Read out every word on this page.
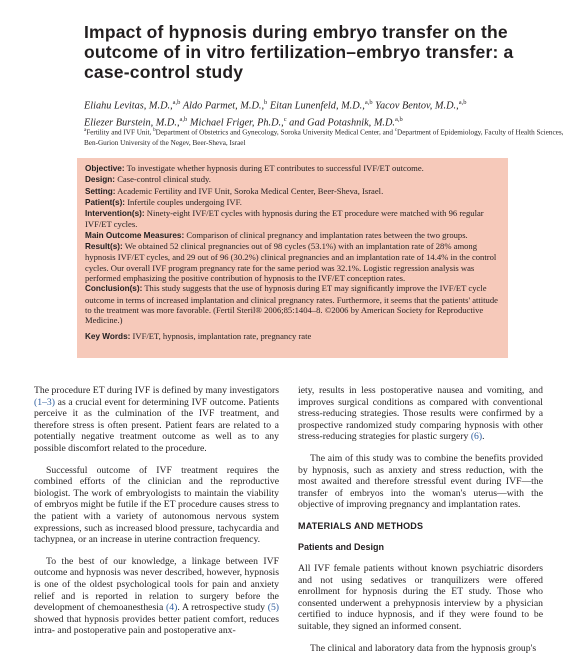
Impact of hypnosis during embryo transfer on the outcome of in vitro fertilization–embryo transfer: a case-control study
Eliahu Levitas, M.D.,$^{a,b}$ Aldo Parmet, M.D.,$^b$ Eitan Lunenfeld, M.D.,$^{a,b}$ Yacov Bentov, M.D.,$^{a,b}$
Eliezer Burstein, M.D.,$^{a,b}$ Michael Friger, Ph.D.,$^c$ and Gad Potashnik, M.D.$^{a,b}$
$^a$Fertility and IVF Unit, $^b$Department of Obstetrics and Gynecology, Soroka University Medical Center, and $^c$Department of Epidemiology, Faculty of Health Sciences, Ben-Gurion University of the Negev, Beer-Sheva, Israel

Objective: To investigate whether hypnosis during ET contributes to successful IVF/ET outcome.

Design: Case-control clinical study.

Setting: Academic Fertility and IVF Unit, Soroka Medical Center, Beer-Sheva, Israel.

Patient(s): Infertile couples undergoing IVF.

Intervention(s): Ninety-eight IVF/ET cycles with hypnosis during the ET procedure were matched with 96 regular IVF/ET cycles.

Main Outcome Measures: Comparison of clinical pregnancy and implantation rates between the two groups.

Result(s): We obtained 52 clinical pregnancies out of 98 cycles (53.1%) with an implantation rate of 28% among hypnosis IVF/ET cycles, and 29 out of 96 (30.2%) clinical pregnancies and an implantation rate of 14.4% in the control cycles. Our overall IVF program pregnancy rate for the same period was 32.1%. Logistic regression analysis was performed emphasizing the positive contribution of hypnosis to the IVF/ET conception rates.

Conclusion(s): This study suggests that the use of hypnosis during ET may significantly improve the IVF/ET cycle outcome in terms of increased implantation and clinical pregnancy rates. Furthermore, it seems that the patients' attitude to the treatment was more favorable. (Fertil Steril® 2006;85:1404–8. ©2006 by American Society for Reproductive Medicine.)

Key Words: IVF/ET, hypnosis, implantation rate, pregnancy rate

The procedure ET during IVF is defined by many investigators (1–3) as a crucial event for determining IVF outcome. Patients perceive it as the culmination of the IVF treatment, and therefore stress is often present. Patient fears are related to a potentially negative treatment outcome as well as to any possible discomfort related to the procedure.

Successful outcome of IVF treatment requires the combined efforts of the clinician and the reproductive biologist. The work of embryologists to maintain the viability of embryos might be futile if the ET procedure causes stress to the patient with a variety of autonomous nervous system expressions, such as increased blood pressure, tachycardia and tachypnea, or an increase in uterine contraction frequency.

To the best of our knowledge, a linkage between IVF outcome and hypnosis was never described, however, hypnosis is one of the oldest psychological tools for pain and anxiety relief and is reported in relation to surgery before the development of chemoanesthesia (4). A retrospective study (5) showed that hypnosis provides better patient comfort, reduces intra- and postoperative pain and postoperative anx-

iety, results in less postoperative nausea and vomiting, and improves surgical conditions as compared with conventional stress-reducing strategies. Those results were confirmed by a prospective randomized study comparing hypnosis with other stress-reducing strategies for plastic surgery (6).

The aim of this study was to combine the benefits provided by hypnosis, such as anxiety and stress reduction, with the most awaited and therefore stressful event during IVF—the transfer of embryos into the woman's uterus—with the objective of improving pregnancy and implantation rates.

MATERIALS AND METHODS

Patients and Design

All IVF female patients without known psychiatric disorders and not using sedatives or tranquilizers were offered enrollment for hypnosis during the ET study. Those who consented underwent a prehypnosis interview by a physician certified to induce hypnosis, and if they were found to be suitable, they signed an informed consent.

The clinical and laboratory data from the hypnosis group's
